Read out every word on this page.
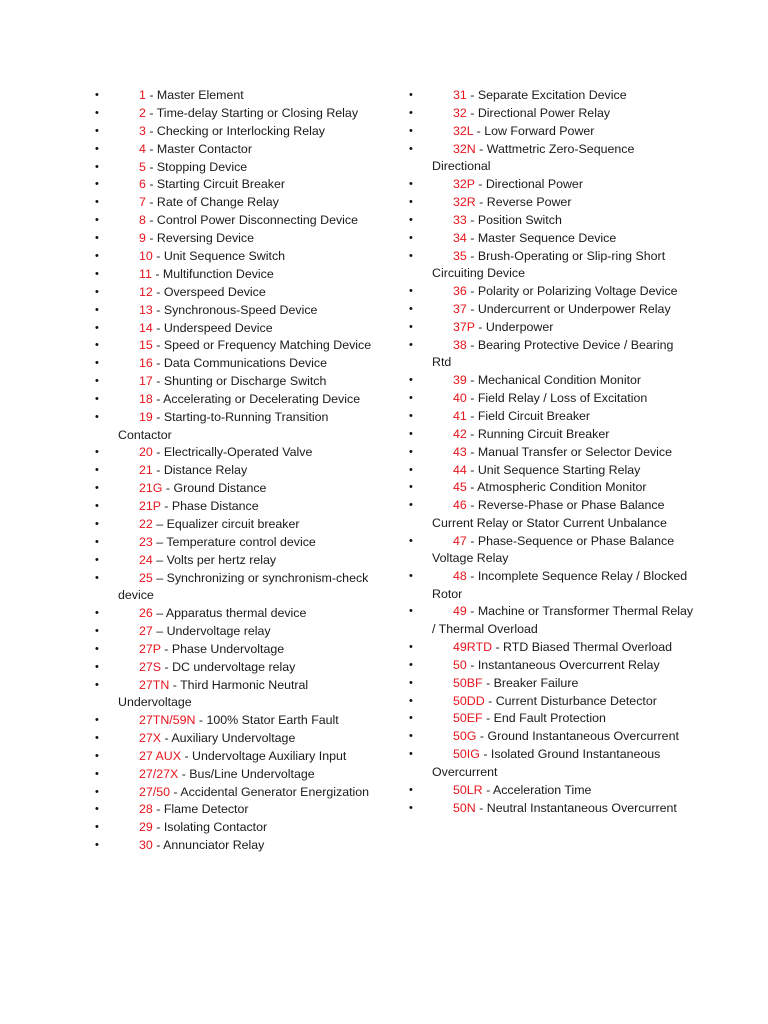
•	1 - Master Element
•	2 - Time-delay Starting or Closing Relay
•	3 - Checking or Interlocking Relay
•	4 - Master Contactor
•	5 - Stopping Device
•	6 - Starting Circuit Breaker
•	7 - Rate of Change Relay
•	8 - Control Power Disconnecting Device
•	9 - Reversing Device
•	10 - Unit Sequence Switch
•	11 - Multifunction Device
•	12 - Overspeed Device
•	13 - Synchronous-Speed Device
•	14 - Underspeed Device
•	15 - Speed or Frequency Matching Device
•	16 - Data Communications Device
•	17 - Shunting or Discharge Switch
•	18 - Accelerating or Decelerating Device
•	19 - Starting-to-Running Transition Contactor
•	20 - Electrically-Operated Valve
•	21 - Distance Relay
•	21G - Ground Distance
•	21P - Phase Distance
•	22 – Equalizer circuit breaker
•	23 – Temperature control device
•	24 – Volts per hertz relay
•	25 – Synchronizing or synchronism-check device
•	26 – Apparatus thermal device
•	27 – Undervoltage relay
•	27P - Phase Undervoltage
•	27S - DC undervoltage relay
•	27TN - Third Harmonic Neutral Undervoltage
•	27TN/59N - 100% Stator Earth Fault
•	27X - Auxiliary Undervoltage
•	27 AUX - Undervoltage Auxiliary Input
•	27/27X - Bus/Line Undervoltage
•	27/50 - Accidental Generator Energization
•	28 - Flame Detector
•	29 - Isolating Contactor
•	30 - Annunciator Relay
•	31 - Separate Excitation Device
•	32 - Directional Power Relay
•	32L - Low Forward Power
•	32N - Wattmetric Zero-Sequence Directional
•	32P - Directional Power
•	32R - Reverse Power
•	33 - Position Switch
•	34 - Master Sequence Device
•	35 - Brush-Operating or Slip-ring Short Circuiting Device
•	36 - Polarity or Polarizing Voltage Device
•	37 - Undercurrent or Underpower Relay
•	37P - Underpower
•	38 - Bearing Protective Device / Bearing Rtd
•	39 - Mechanical Condition Monitor
•	40 - Field Relay / Loss of Excitation
•	41 - Field Circuit Breaker
•	42 - Running Circuit Breaker
•	43 - Manual Transfer or Selector Device
•	44 - Unit Sequence Starting Relay
•	45 - Atmospheric Condition Monitor
•	46 - Reverse-Phase or Phase Balance Current Relay or Stator Current Unbalance
•	47 - Phase-Sequence or Phase Balance Voltage Relay
•	48 - Incomplete Sequence Relay / Blocked Rotor
•	49 - Machine or Transformer Thermal Relay / Thermal Overload
•	49RTD - RTD Biased Thermal Overload
•	50 - Instantaneous Overcurrent Relay
•	50BF - Breaker Failure
•	50DD - Current Disturbance Detector
•	50EF - End Fault Protection
•	50G - Ground Instantaneous Overcurrent
•	50IG - Isolated Ground Instantaneous Overcurrent
•	50LR - Acceleration Time
•	50N - Neutral Instantaneous Overcurrent
